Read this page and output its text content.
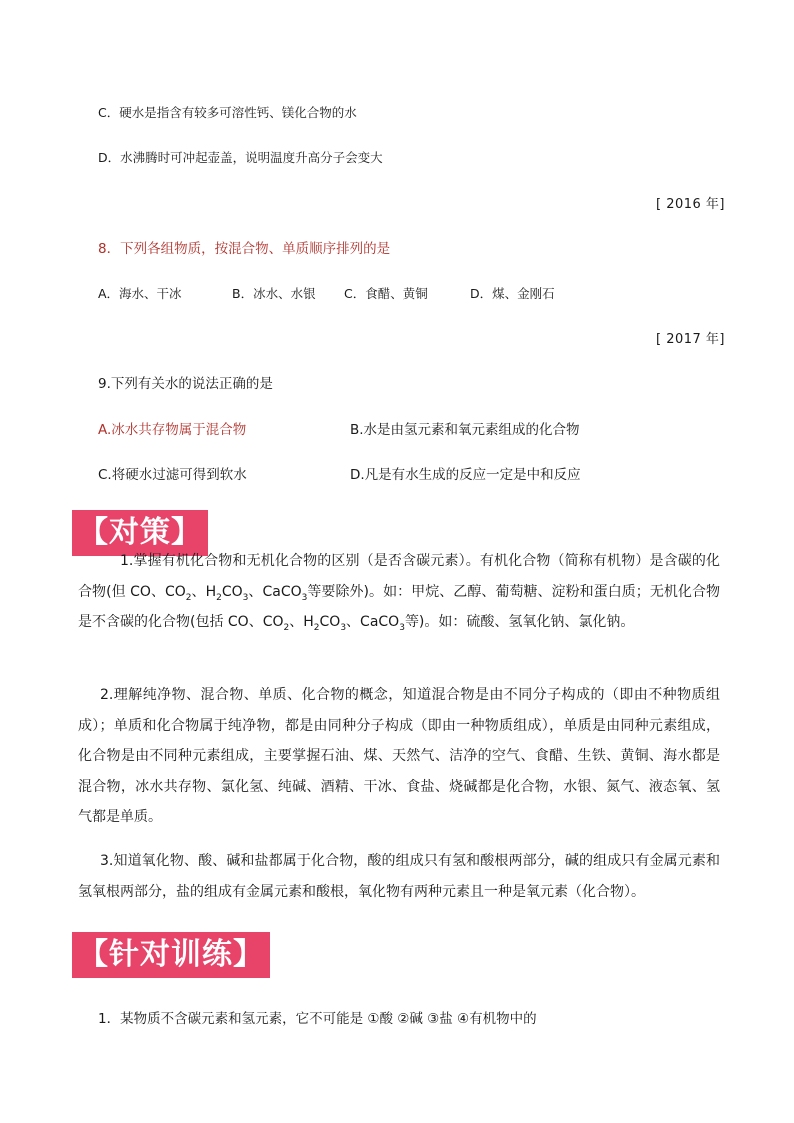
C．硬水是指含有较多可溶性钙、镁化合物的水
D．水沸腾时可冲起壶盖，说明温度升高分子会变大
[ 2016 年]
8．下列各组物质，按混合物、单质顺序排列的是
A．海水、干冰	B．冰水、水银 C．食醋、黄铜	D．煤、金刚石
[ 2017 年]
9.下列有关水的说法正确的是
A.冰水共存物属于混合物	B.水是由氢元素和氧元素组成的化合物
C.将硬水过滤可得到软水	D.凡是有水生成的反应一定是中和反应
【对策】
1.掌握有机化合物和无机化合物的区别（是否含碳元素）。有机化合物（简称有机物）是含碳的化合物(但 CO、$CO_2$、$H_2CO_3$、CaCO$_3$等要除外)。如：甲烷、乙醇、葡萄糖、淀粉和蛋白质；无机化合物是不含碳的化合物(包括 CO、$CO_2$、$H_2CO_3$、CaCO$_3$等)。如：硫酸、氢氧化钠、氯化钠。
2.理解纯净物、混合物、单质、化合物的概念，知道混合物是由不同分子构成的（即由不种物质组成）；单质和化合物属于纯净物，都是由同种分子构成（即由一种物质组成），单质是由同种元素组成，化合物是由不同种元素组成，主要掌握石油、煤、天然气、洁净的空气、食醋、生铁、黄铜、海水都是混合物，冰水共存物、氯化氢、纯碱、酒精、干冰、食盐、烧碱都是化合物，水银、氮气、液态氧、氢气都是单质。
3.知道氧化物、酸、碱和盐都属于化合物，酸的组成只有氢和酸根两部分，碱的组成只有金属元素和氢氧根两部分，盐的组成有金属元素和酸根，氧化物有两种元素且一种是氧元素（化合物）。
【针对训练】
1．某物质不含碳元素和氢元素，它不可能是 ①酸 ②碱 ③盐 ④有机物中的
